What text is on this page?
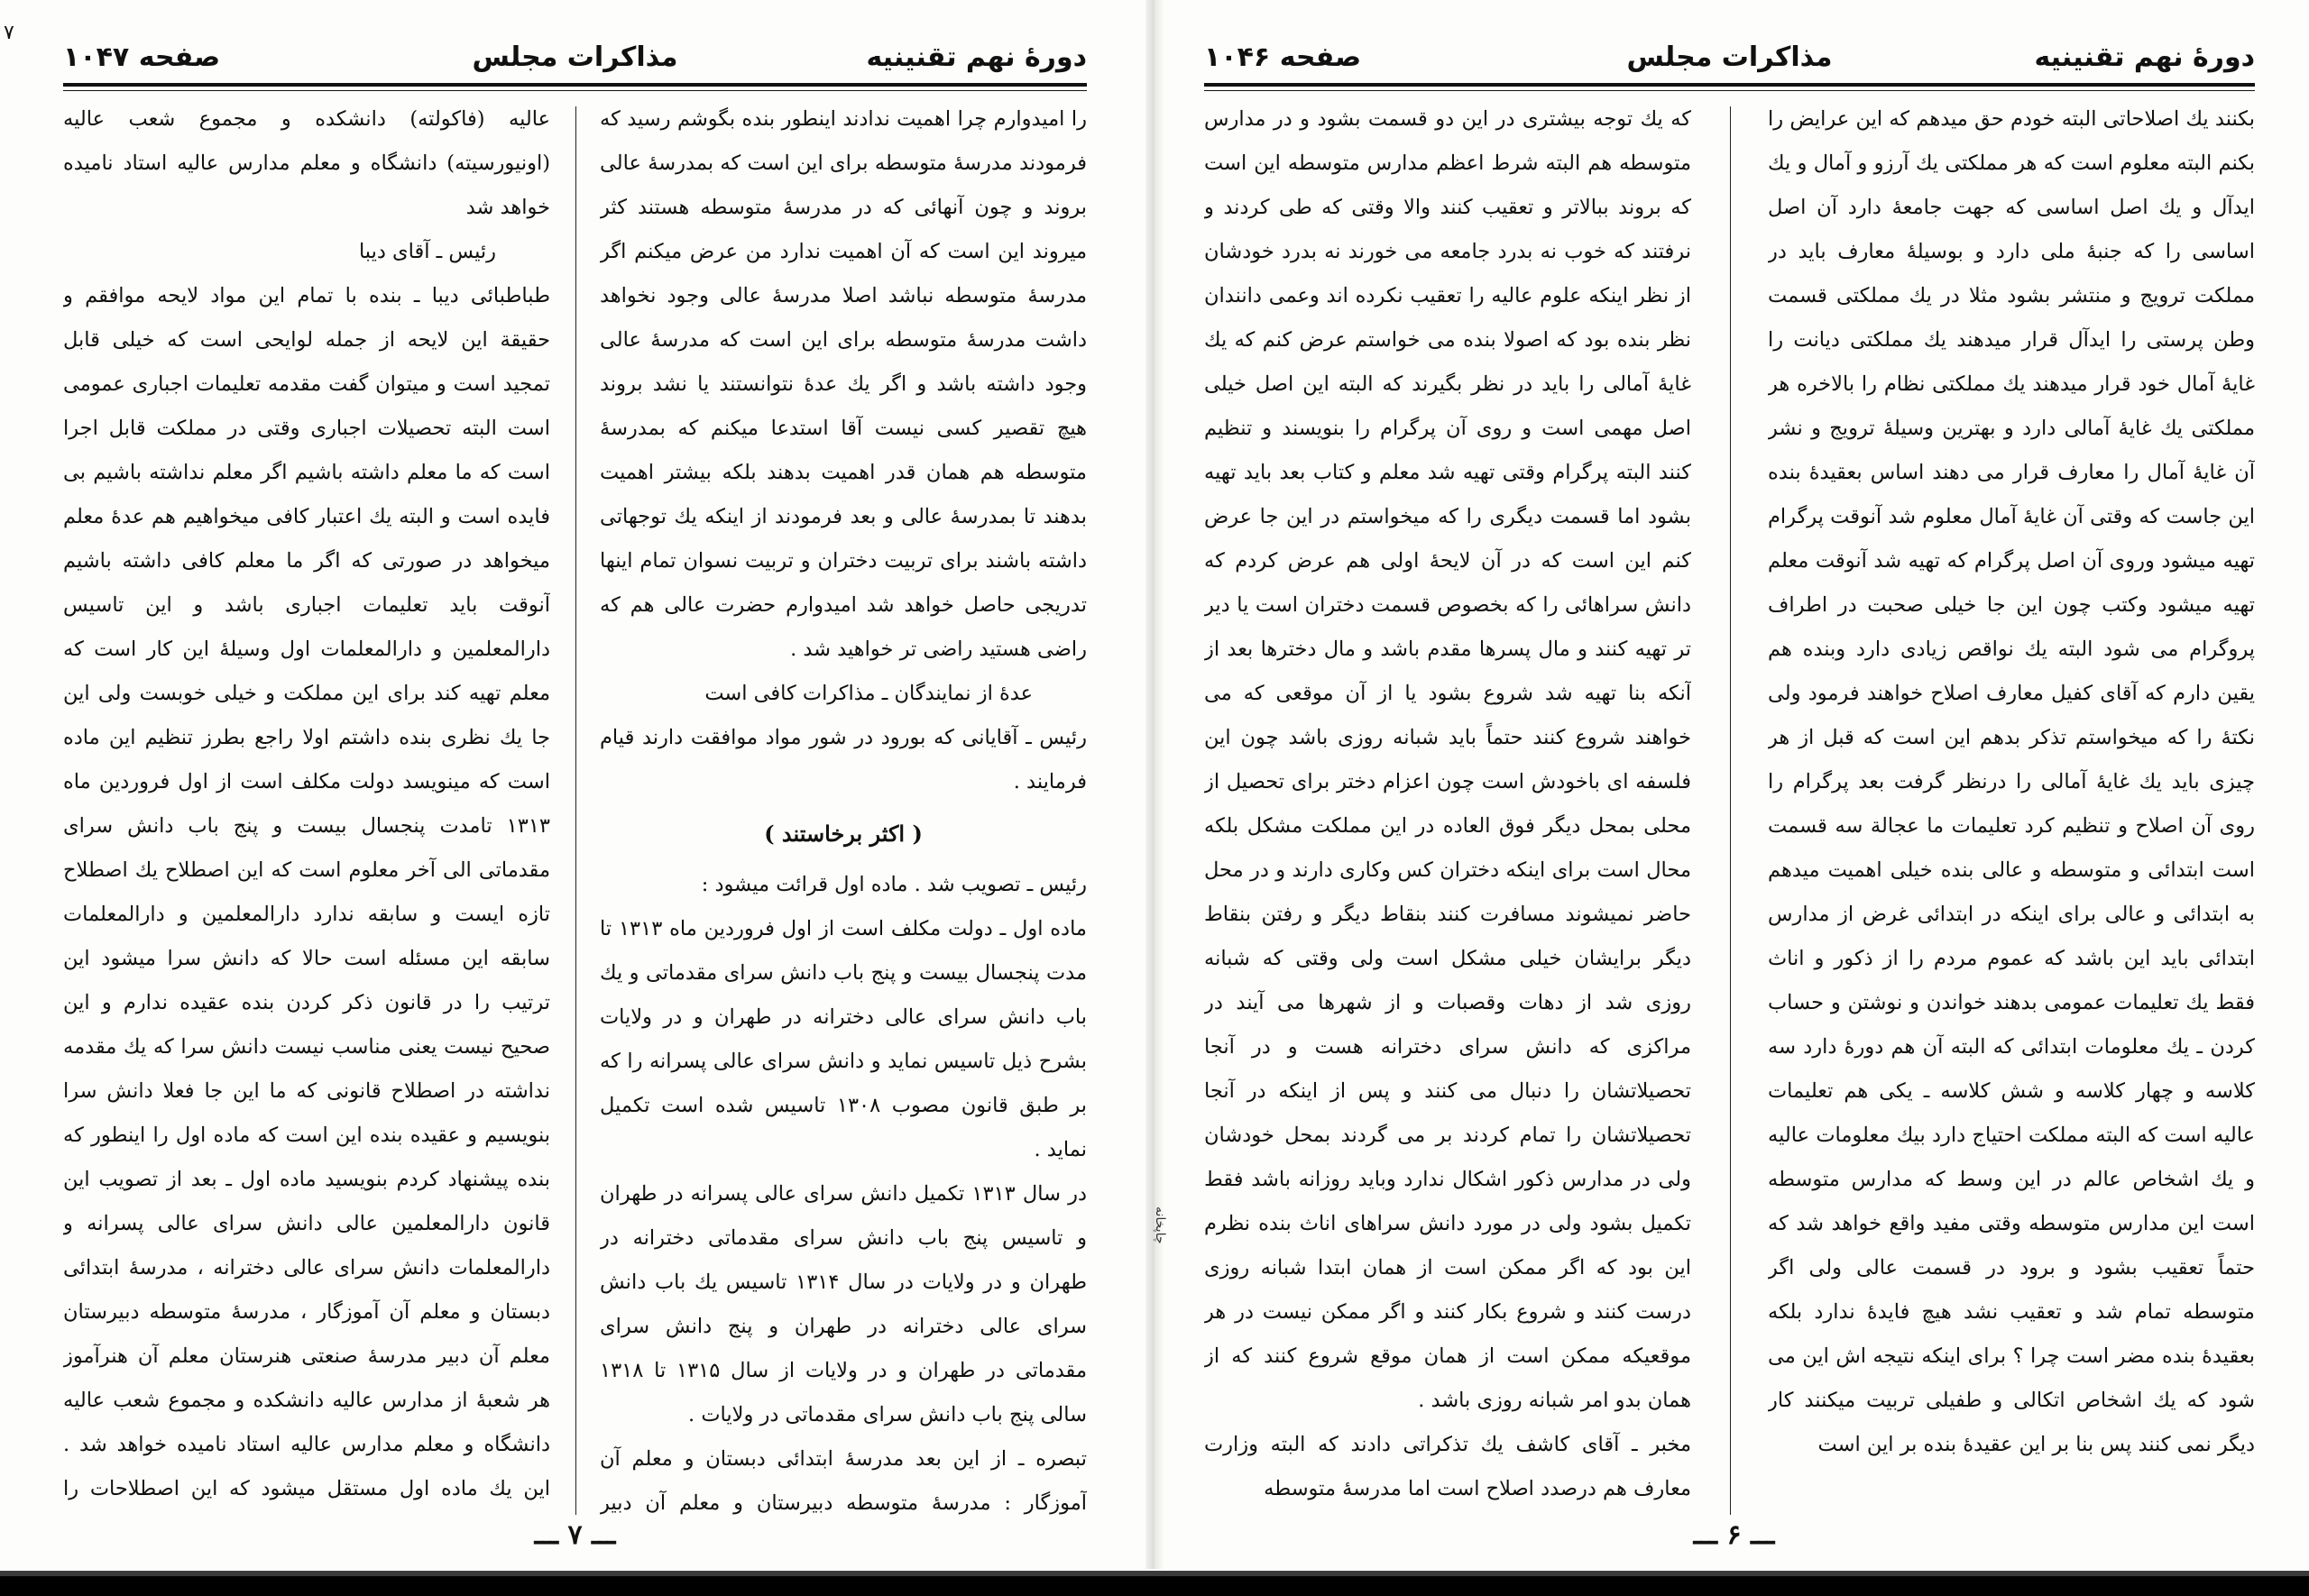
۷
دورهٔ نهم تقنینیه
مذاکرات مجلس
صفحه ۱۰۴۷

را امیدوارم چرا اهمیت ندادند اینطور بنده بگوشم رسید که فرمودند مدرسهٔ متوسطه برای این است که بمدرسهٔ عالی بروند و چون آنهائی که در مدرسهٔ متوسطه هستند کثر میروند این است که آن اهمیت ندارد من عرض میکنم اگر مدرسهٔ متوسطه نباشد اصلا مدرسهٔ عالی وجود نخواهد داشت مدرسهٔ متوسطه برای این است که مدرسهٔ عالی وجود داشته باشد و اگر یك عدهٔ نتوانستند یا نشد بروند هیچ تقصیر کسی نیست آقا استدعا میکنم که بمدرسهٔ متوسطه هم همان قدر اهمیت بدهند بلکه بیشتر اهمیت بدهند تا بمدرسهٔ عالی و بعد فرمودند از اینکه یك توجهاتی داشته باشند برای تربیت دختران و تربیت نسوان تمام اینها تدریجی حاصل خواهد شد امیدوارم حضرت عالی هم که راضی هستید راضی تر خواهید شد .

عدهٔ از نمایندگان ـ مذاکرات کافی است

رئیس ـ آقایانی که بورود در شور مواد موافقت دارند قیام فرمایند .

( اکثر برخاستند )

رئیس ـ تصویب شد . ماده اول قرائت میشود :

ماده اول ـ دولت مکلف است از اول فروردین ماه ۱۳۱۳ تا مدت پنجسال بیست و پنج باب دانش سرای مقدماتی و یك باب دانش سرای عالی دخترانه در طهران و در ولایات بشرح ذیل تاسیس نماید و دانش سرای عالی پسرانه را که بر طبق قانون مصوب ۱۳۰۸ تاسیس شده است تکمیل نماید .

در سال ۱۳۱۳ تکمیل دانش سرای عالی پسرانه در طهران و تاسیس پنج باب دانش سرای مقدماتی دخترانه در طهران و در ولایات در سال ۱۳۱۴ تاسیس یك باب دانش سرای عالی دخترانه در طهران و پنج دانش سرای مقدماتی در طهران و در ولایات از سال ۱۳۱۵ تا ۱۳۱۸ سالی پنج باب دانش سرای مقدماتی در ولایات .

تبصره ـ از این بعد مدرسهٔ ابتدائی دبستان و معلم آن آموزگار : مدرسهٔ متوسطه دبیرستان و معلم آن دبیر

عالیه (فاکولته) دانشکده و مجموع شعب عالیه (اونیورسیته) دانشگاه و معلم مدارس عالیه استاد نامیده خواهد شد

رئیس ـ آقای دیبا

طباطبائی دیبا ـ بنده با تمام این مواد لایحه موافقم و حقیقة این لایحه از جمله لوایحی است که خیلی قابل تمجید است و میتوان گفت مقدمه تعلیمات اجباری عمومی است البته تحصیلات اجباری وقتی در مملکت قابل اجرا است که ما معلم داشته باشیم اگر معلم نداشته باشیم بی فایده است و البته یك اعتبار کافی میخواهیم هم عدهٔ معلم میخواهد در صورتی که اگر ما معلم کافی داشته باشیم آنوقت باید تعلیمات اجباری باشد و این تاسیس دارالمعلمین و دارالمعلمات اول وسیلهٔ این کار است که معلم تهیه کند برای این مملکت و خیلی خوبست ولی این جا یك نظری بنده داشتم اولا راجع بطرز تنظیم این ماده است که مینویسد دولت مکلف است از اول فروردین ماه ۱۳۱۳ تامدت پنجسال بیست و پنج باب دانش سرای مقدماتی الی آخر معلوم است که این اصطلاح یك اصطلاح تازه ایست و سابقه ندارد دارالمعلمین و دارالمعلمات سابقه این مسئله است حالا که دانش سرا میشود این ترتیب را در قانون ذکر کردن بنده عقیده ندارم و این صحیح نیست یعنی مناسب نیست دانش سرا که یك مقدمه نداشته در اصطلاح قانونی که ما این جا فعلا دانش سرا بنویسیم و عقیده بنده این است که ماده اول را اینطور که بنده پیشنهاد کردم بنویسید ماده اول ـ بعد از تصویب این قانون دارالمعلمین عالی دانش سرای عالی پسرانه و دارالمعلمات دانش سرای عالی دخترانه ، مدرسهٔ ابتدائی دبستان و معلم آن آموزگار ، مدرسهٔ متوسطه دبیرستان معلم آن دبیر مدرسهٔ صنعتی هنرستان معلم آن هنرآموز هر شعبهٔ از مدارس عالیه دانشکده و مجموع شعب عالیه دانشگاه و معلم مدارس عالیه استاد نامیده خواهد شد . این یك ماده اول مستقل میشود که این اصطلاحات را

ـــ ۷ ـــ
چاپخانه
دورهٔ نهم تقنینیه
مذاکرات مجلس
صفحه ۱۰۴۶

بکنند یك اصلاحاتی البته خودم حق میدهم که این عرایض را بکنم البته معلوم است که هر مملکتی یك آرزو و آمال و یك ایدآل و یك اصل اساسی که جهت جامعهٔ دارد آن اصل اساسی را که جنبهٔ ملی دارد و بوسیلهٔ معارف باید در مملکت ترویج و منتشر بشود مثلا در یك مملکتی قسمت وطن پرستی را ایدآل قرار میدهند یك مملکتی دیانت را غایهٔ آمال خود قرار میدهند یك مملکتی نظام را بالاخره هر مملکتی یك غایهٔ آمالی دارد و بهترین وسیلهٔ ترویج و نشر آن غایهٔ آمال را معارف قرار می دهند اساس بعقیدهٔ بنده این جاست که وقتی آن غایهٔ آمال معلوم شد آنوقت پرگرام تهیه میشود وروی آن اصل پرگرام که تهیه شد آنوقت معلم تهیه میشود وکتب چون این جا خیلی صحبت در اطراف پروگرام می شود البته یك نواقص زیادی دارد وبنده هم یقین دارم که آقای کفیل معارف اصلاح خواهند فرمود ولی نکتهٔ را که میخواستم تذکر بدهم این است که قبل از هر چیزی باید یك غایهٔ آمالی را درنظر گرفت بعد پرگرام را روی آن اصلاح و تنظیم کرد تعلیمات ما عجالة سه قسمت است ابتدائی و متوسطه و عالی بنده خیلی اهمیت میدهم به ابتدائی و عالی برای اینکه در ابتدائی غرض از مدارس ابتدائی باید این باشد که عموم مردم را از ذکور و اناث فقط یك تعلیمات عمومی بدهند خواندن و نوشتن و حساب کردن ـ یك معلومات ابتدائی که البته آن هم دورهٔ دارد سه کلاسه و چهار کلاسه و شش کلاسه ـ یکی هم تعلیمات عالیه است که البته مملکت احتیاج دارد بیك معلومات عالیه و یك اشخاص عالم در این وسط که مدارس متوسطه است این مدارس متوسطه وقتی مفید واقع خواهد شد که حتماً تعقیب بشود و برود در قسمت عالی ولی اگر متوسطه تمام شد و تعقیب نشد هیچ فایدهٔ ندارد بلکه بعقیدهٔ بنده مضر است چرا ؟ برای اینکه نتیجه اش این می شود که یك اشخاص اتکالی و طفیلی تربیت میکنند کار دیگر نمی کنند پس بنا بر این عقیدهٔ بنده بر این است

که یك توجه بیشتری در این دو قسمت بشود و در مدارس متوسطه هم البته شرط اعظم مدارس متوسطه این است که بروند ببالاتر و تعقیب کنند والا وقتی که طی کردند و نرفتند که خوب نه بدرد جامعه می خورند نه بدرد خودشان از نظر اینکه علوم عالیه را تعقیب نکرده اند وعمی دانندان نظر بنده بود که اصولا بنده می خواستم عرض کنم که یك غایهٔ آمالی را باید در نظر بگیرند که البته این اصل خیلی اصل مهمی است و روی آن پرگرام را بنویسند و تنظیم کنند البته پرگرام وقتی تهیه شد معلم و کتاب بعد باید تهیه بشود اما قسمت دیگری را که میخواستم در این جا عرض کنم این است که در آن لایحهٔ اولی هم عرض کردم که دانش سراهائی را که بخصوص قسمت دختران است یا دیر تر تهیه کنند و مال پسرها مقدم باشد و مال دخترها بعد از آنکه بنا تهیه شد شروع بشود یا از آن موقعی که می خواهند شروع کنند حتماً باید شبانه روزی باشد چون این فلسفه ای باخودش است چون اعزام دختر برای تحصیل از محلی بمحل دیگر فوق العاده در این مملکت مشکل بلکه محال است برای اینکه دختران کس وکاری دارند و در محل حاضر نمیشوند مسافرت کنند بنقاط دیگر و رفتن بنقاط دیگر برایشان خیلی مشکل است ولی وقتی که شبانه روزی شد از دهات وقصبات و از شهرها می آیند در مراکزی که دانش سرای دخترانه هست و در آنجا تحصیلاتشان را دنبال می کنند و پس از اینکه در آنجا تحصیلاتشان را تمام کردند بر می گردند بمحل خودشان ولی در مدارس ذکور اشکال ندارد وباید روزانه باشد فقط تکمیل بشود ولی در مورد دانش سراهای اناث بنده نظرم این بود که اگر ممکن است از همان ابتدا شبانه روزی درست کنند و شروع بکار کنند و اگر ممکن نیست در هر موقعیکه ممکن است از همان موقع شروع کنند که از همان بدو امر شبانه روزی باشد .

مخبر ـ آقای کاشف یك تذکراتی دادند که البته وزارت معارف هم درصدد اصلاح است اما مدرسهٔ متوسطه

ـــ ۶ ـــ
